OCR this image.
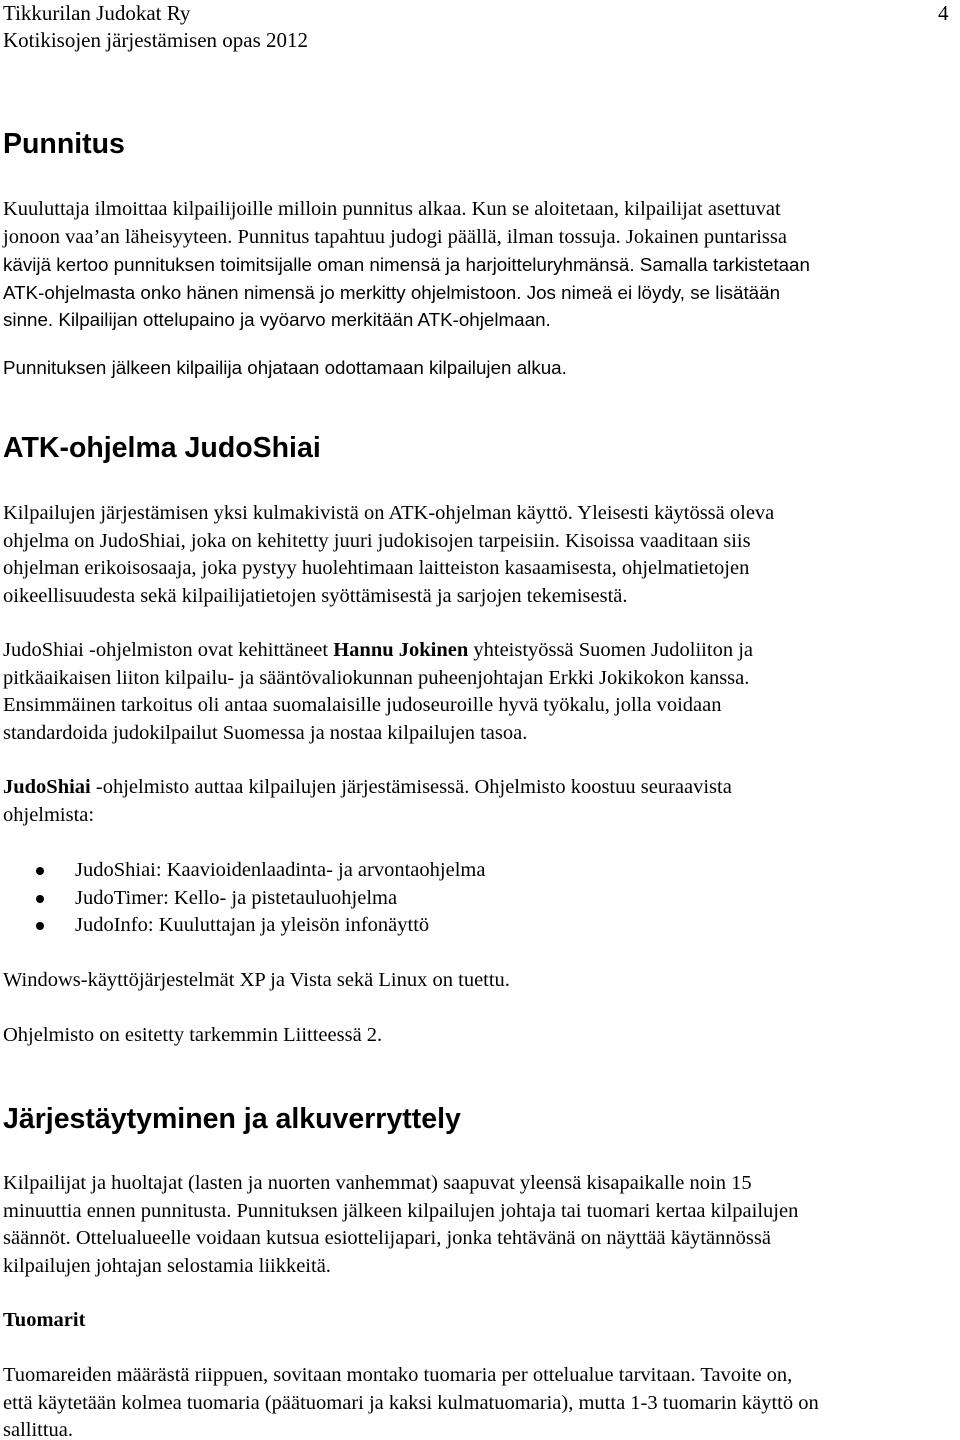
Tikkurilan Judokat Ry
Kotikisojen järjestämisen opas 2012
4
Punnitus
Kuuluttaja ilmoittaa kilpailijoille milloin punnitus alkaa. Kun se aloitetaan, kilpailijat asettuvat
jonoon vaa’an läheisyyteen. Punnitus tapahtuu judogi päällä, ilman tossuja. Jokainen puntarissa
kävijä kertoo punnituksen toimitsijalle oman nimensä ja harjoitteluryhmänsä. Samalla tarkistetaan
ATK-ohjelmasta onko hänen nimensä jo merkitty ohjelmistoon. Jos nimeä ei löydy, se lisätään
sinne. Kilpailijan ottelupaino ja vyöarvo merkitään ATK-ohjelmaan.
Punnituksen jälkeen kilpailija ohjataan odottamaan kilpailujen alkua.
ATK-ohjelma JudoShiai
Kilpailujen järjestämisen yksi kulmakivistä on ATK-ohjelman käyttö. Yleisesti käytössä oleva
ohjelma on JudoShiai, joka on kehitetty juuri judokisojen tarpeisiin. Kisoissa vaaditaan siis
ohjelman erikoisosaaja, joka pystyy huolehtimaan laitteiston kasaamisesta, ohjelmatietojen
oikeellisuudesta sekä kilpailijatietojen syöttämisestä ja sarjojen tekemisestä.
JudoShiai -ohjelmiston ovat kehittäneet Hannu Jokinen yhteistyössä Suomen Judoliiton ja
pitkäaikaisen liiton kilpailu- ja sääntövaliokunnan puheenjohtajan Erkki Jokikokon kanssa.
Ensimmäinen tarkoitus oli antaa suomalaisille judoseuroille hyvä työkalu, jolla voidaan
standardoida judokilpailut Suomessa ja nostaa kilpailujen tasoa.
JudoShiai -ohjelmisto auttaa kilpailujen järjestämisessä. Ohjelmisto koostuu seuraavista
ohjelmista:
JudoShiai: Kaavioidenlaadinta- ja arvontaohjelma
JudoTimer: Kello- ja pistetauluohjelma
JudoInfo: Kuuluttajan ja yleisön infonäyttö
Windows-käyttöjärjestelmät XP ja Vista sekä Linux on tuettu.
Ohjelmisto on esitetty tarkemmin Liitteessä 2.
Järjestäytyminen ja alkuverryttely
Kilpailijat ja huoltajat (lasten ja nuorten vanhemmat) saapuvat yleensä kisapaikalle noin 15
minuuttia ennen punnitusta. Punnituksen jälkeen kilpailujen johtaja tai tuomari kertaa kilpailujen
säännöt. Ottelualueelle voidaan kutsua esiottelijapari, jonka tehtävänä on näyttää käytännössä
kilpailujen johtajan selostamia liikkeitä.
Tuomarit
Tuomareiden määrästä riippuen, sovitaan montako tuomaria per ottelualue tarvitaan. Tavoite on,
että käytetään kolmea tuomaria (päätuomari ja kaksi kulmatuomaria), mutta 1-3 tuomarin käyttö on
sallittua.
